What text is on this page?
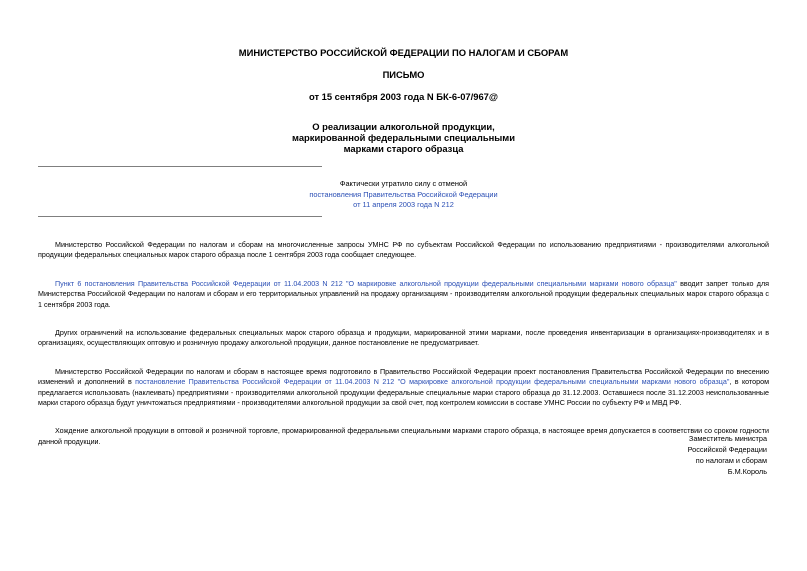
МИНИСТЕРСТВО РОССИЙСКОЙ ФЕДЕРАЦИИ ПО НАЛОГАМ И СБОРАМ
ПИСЬМО
от 15 сентября 2003 года N БК-6-07/967@
О реализации алкогольной продукции,
маркированной федеральными специальными
марками старого образца
Фактически утратило силу с отменой
постановления Правительства Российской Федерации
от 11 апреля 2003 года N 212

Министерство Российской Федерации по налогам и сборам на многочисленные запросы УМНС РФ по субъектам Российской Федерации по использованию предприятиями - производителями алкогольной продукции федеральных специальных марок старого образца после 1 сентября 2003 года сообщает следующее.

Пункт 6 постановления Правительства Российской Федерации от 11.04.2003 N 212 "О маркировке алкогольной продукции федеральными специальными марками нового образца" вводит запрет только для Министерства Российской Федерации по налогам и сборам и его территориальных управлений на продажу организациям - производителям алкогольной продукции федеральных специальных марок старого образца с 1 сентября 2003 года.

Других ограничений на использование федеральных специальных марок старого образца и продукции, маркированной этими марками, после проведения инвентаризации в организациях-производителях и в организациях, осуществляющих оптовую и розничную продажу алкогольной продукции, данное постановление не предусматривает.

Министерство Российской Федерации по налогам и сборам в настоящее время подготовило в Правительство Российской Федерации проект постановления Правительства Российской Федерации по внесению изменений и дополнений в постановление Правительства Российской Федерации от 11.04.2003 N 212 "О маркировке алкогольной продукции федеральными специальными марками нового образца", в котором предлагается использовать (наклеивать) предприятиями - производителями алкогольной продукции федеральные специальные марки старого образца до 31.12.2003. Оставшиеся после 31.12.2003 неиспользованные марки старого образца будут уничтожаться предприятиями - производителями алкогольной продукции за свой счет, под контролем комиссии в составе УМНС России по субъекту РФ и МВД РФ.

Хождение алкогольной продукции в оптовой и розничной торговле, промаркированной федеральными специальными марками старого образца, в настоящее время допускается в соответствии со сроком годности данной продукции.	Заместитель министра
Российской Федерации
по налогам и сборам
Б.М.Король
